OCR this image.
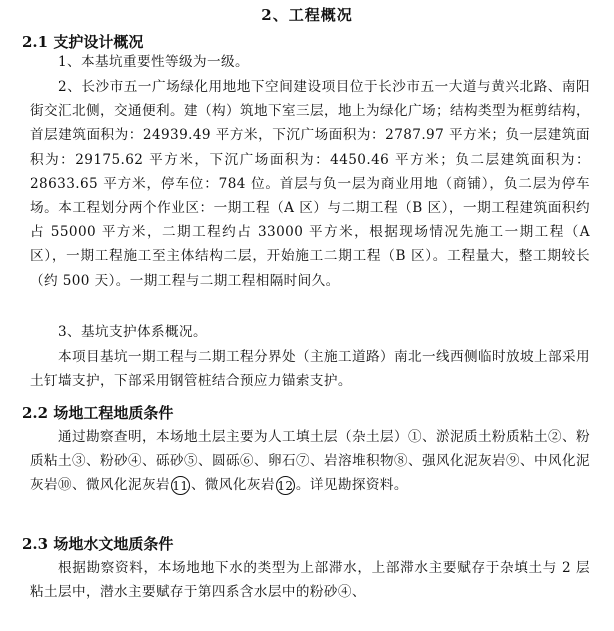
2、工程概况
2.1 支护设计概况
1、本基坑重要性等级为一级。
2、长沙市五一广场绿化用地地下空间建设项目位于长沙市五一大道与黄兴北路、南阳街交汇北侧，交通便利。建（构）筑地下室三层，地上为绿化广场；结构类型为框剪结构，首层建筑面积为：24939.49 平方米，下沉广场面积为：2787.97 平方米；负一层建筑面积为：29175.62 平方米，下沉广场面积为：4450.46 平方米；负二层建筑面积为：28633.65 平方米，停车位：784 位。首层与负一层为商业用地（商铺），负二层为停车场。本工程划分两个作业区：一期工程（A 区）与二期工程（B 区），一期工程建筑面积约占 55000 平方米，二期工程约占 33000 平方米，根据现场情况先施工一期工程（A 区），一期工程施工至主体结构二层，开始施工二期工程（B 区）。工程量大，整工期较长（约 500 天）。一期工程与二期工程相隔时间久。
3、基坑支护体系概况。
本项目基坑一期工程与二期工程分界处（主施工道路）南北一线西侧临时放坡上部采用土钉墙支护，下部采用钢管桩结合预应力锚索支护。
2.2 场地工程地质条件
通过勘察查明，本场地土层主要为人工填土层（杂土层）①、淤泥质土粉质粘土②、粉质粘土③、粉砂④、砾砂⑤、圆砾⑥、卵石⑦、岩溶堆积物⑧、强风化泥灰岩⑨、中风化泥灰岩⑩、微风化泥灰岩 11 、微风化灰岩 12 。详见勘探资料。
2.3 场地水文地质条件
根据勘察资料，本场地地下水的类型为上部滞水，上部滞水主要赋存于杂填土与 2 层粘土层中，潜水主要赋存于第四系含水层中的粉砂④、
